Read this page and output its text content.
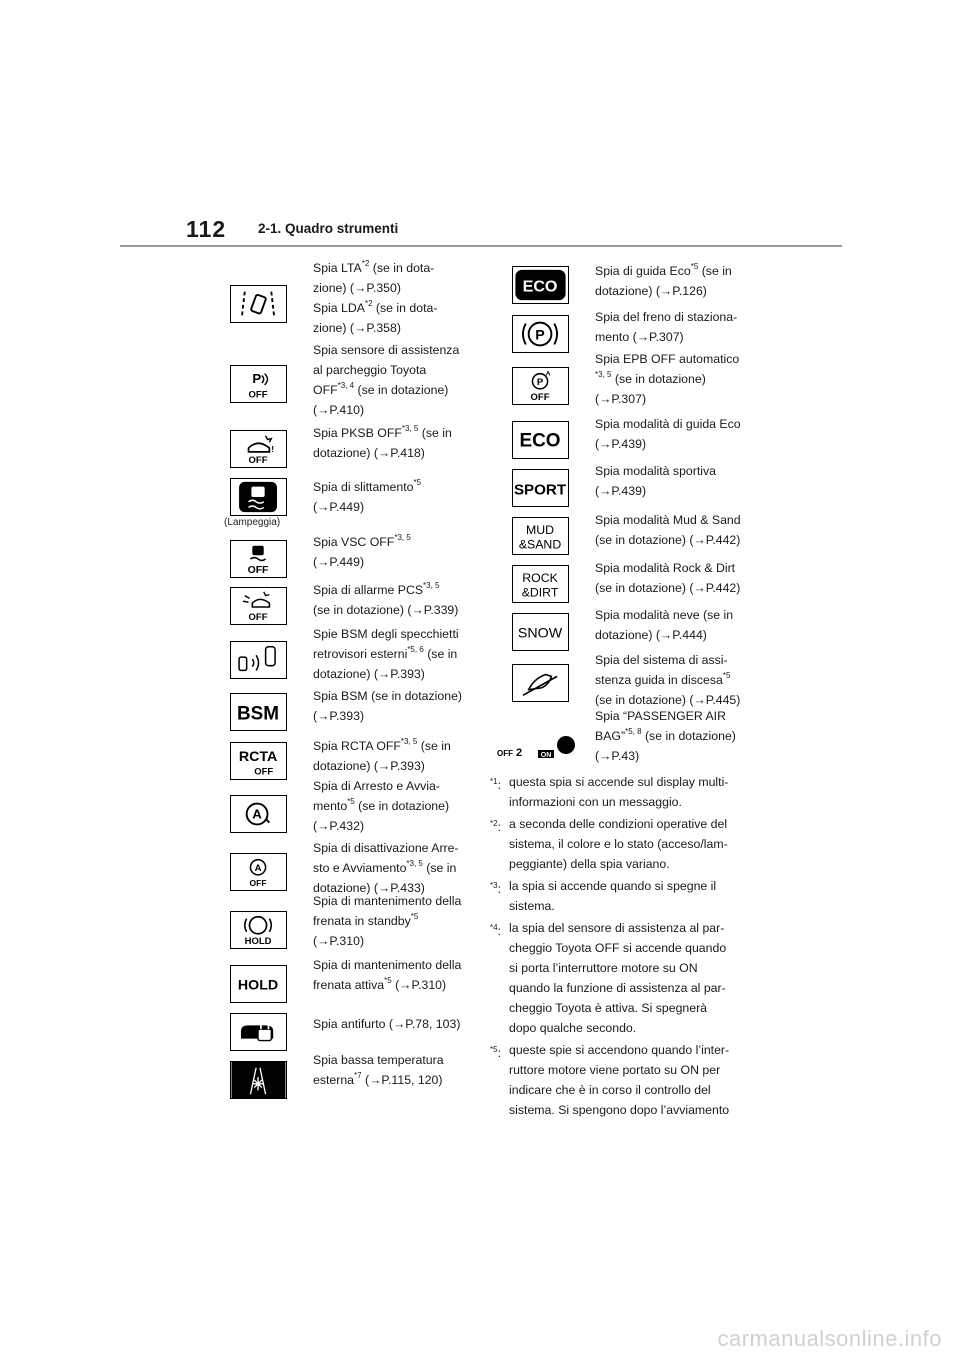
112 2-1. Quadro strumenti
Spia LTA$^{*2}$ (se in dota-
zione) (→P.350)
Spia LDA$^{*2}$ (se in dota-
zione) (→P.358)
P
OFF
Spia sensore di assistenza
al parcheggio Toyota
OFF$^{*3, 4}$ (se in dotazione)
(→P.410)
!
OFF
Spia PKSB OFF$^{*3, 5}$ (se in
dotazione) (→P.418)
(Lampeggia)
Spia di slittamento$^{*5}$
(→P.449)
OFF
Spia VSC OFF$^{*3, 5}$
(→P.449)
OFF
Spia di allarme PCS$^{*3, 5}$
(se in dotazione) (→P.339)
Spie BSM degli specchietti
retrovisori esterni$^{*5, 6}$ (se in
dotazione) (→P.393)
BSM
Spia BSM (se in dotazione)
(→P.393)
RCTA
OFF
Spia RCTA OFF$^{*3, 5}$ (se in
dotazione) (→P.393)
A
Spia di Arresto e Avvia-
mento$^{*5}$ (se in dotazione)
(→P.432)
A
OFF
Spia di disattivazione Arre-
sto e Avviamento$^{*3, 5}$ (se in
dotazione) (→P.433)
HOLD
Spia di mantenimento della
frenata in standby$^{*5}$
(→P.310)
HOLD
Spia di mantenimento della
frenata attiva$^{*5}$ (→P.310)
Spia antifurto (→P.78, 103)
Spia bassa temperatura
esterna$^{*7}$ (→P.115, 120)
ECO
Spia di guida Eco$^{*5}$ (se in
dotazione) (→P.126)
P
Spia del freno di staziona-
mento (→P.307)
P
A
OFF
Spia EPB OFF automatico
$^{*3, 5}$ (se in dotazione)
(→P.307)
ECO
Spia modalità di guida Eco
(→P.439)
SPORT
Spia modalità sportiva
(→P.439)
MUD
&SAND
Spia modalità Mud & Sand
(se in dotazione) (→P.442)
ROCK
&DIRT
Spia modalità Rock & Dirt
(se in dotazione) (→P.442)
SNOW
Spia modalità neve (se in
dotazione) (→P.444)
Spia del sistema di assi-
stenza guida in discesa$^{*5}$
(se in dotazione) (→P.445)
OFF 2	ON
Spia “PASSENGER AIR
BAG”$^{*5, 8}$ (se in dotazione)
(→P.43)
$^{*1}$: questa spia si accende sul display multi-
informazioni con un messaggio.
$^{*2}$: a seconda delle condizioni operative del
sistema, il colore e lo stato (acceso/lam-
peggiante) della spia variano.
$^{*3}$: la spia si accende quando si spegne il
sistema.
$^{*4}$: la spia del sensore di assistenza al par-
cheggio Toyota OFF si accende quando
si porta l’interruttore motore su ON
quando la funzione di assistenza al par-
cheggio Toyota è attiva. Si spegnerà
dopo qualche secondo.
$^{*5}$: queste spie si accendono quando l’inter-
ruttore motore viene portato su ON per
indicare che è in corso il controllo del
sistema. Si spengono dopo l’avviamento
carmanualsonline.info
